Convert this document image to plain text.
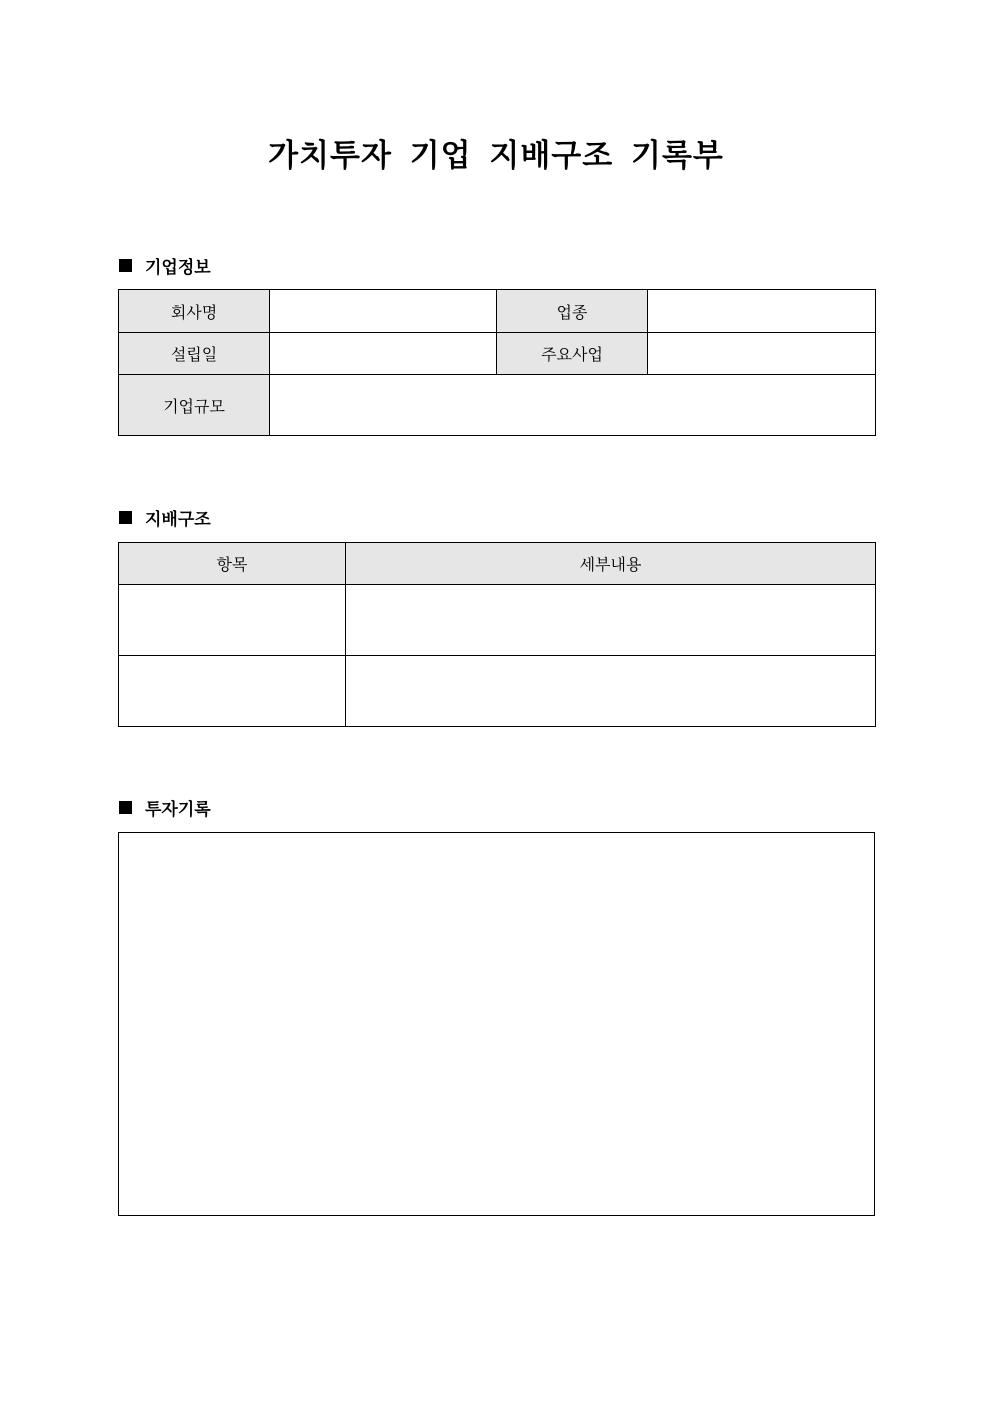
가치투자 기업 지배구조 기록부
기업정보
회사명		업종	
설립일		주요사업	
기업규모			
지배구조
항목	세부내용

투자기록
